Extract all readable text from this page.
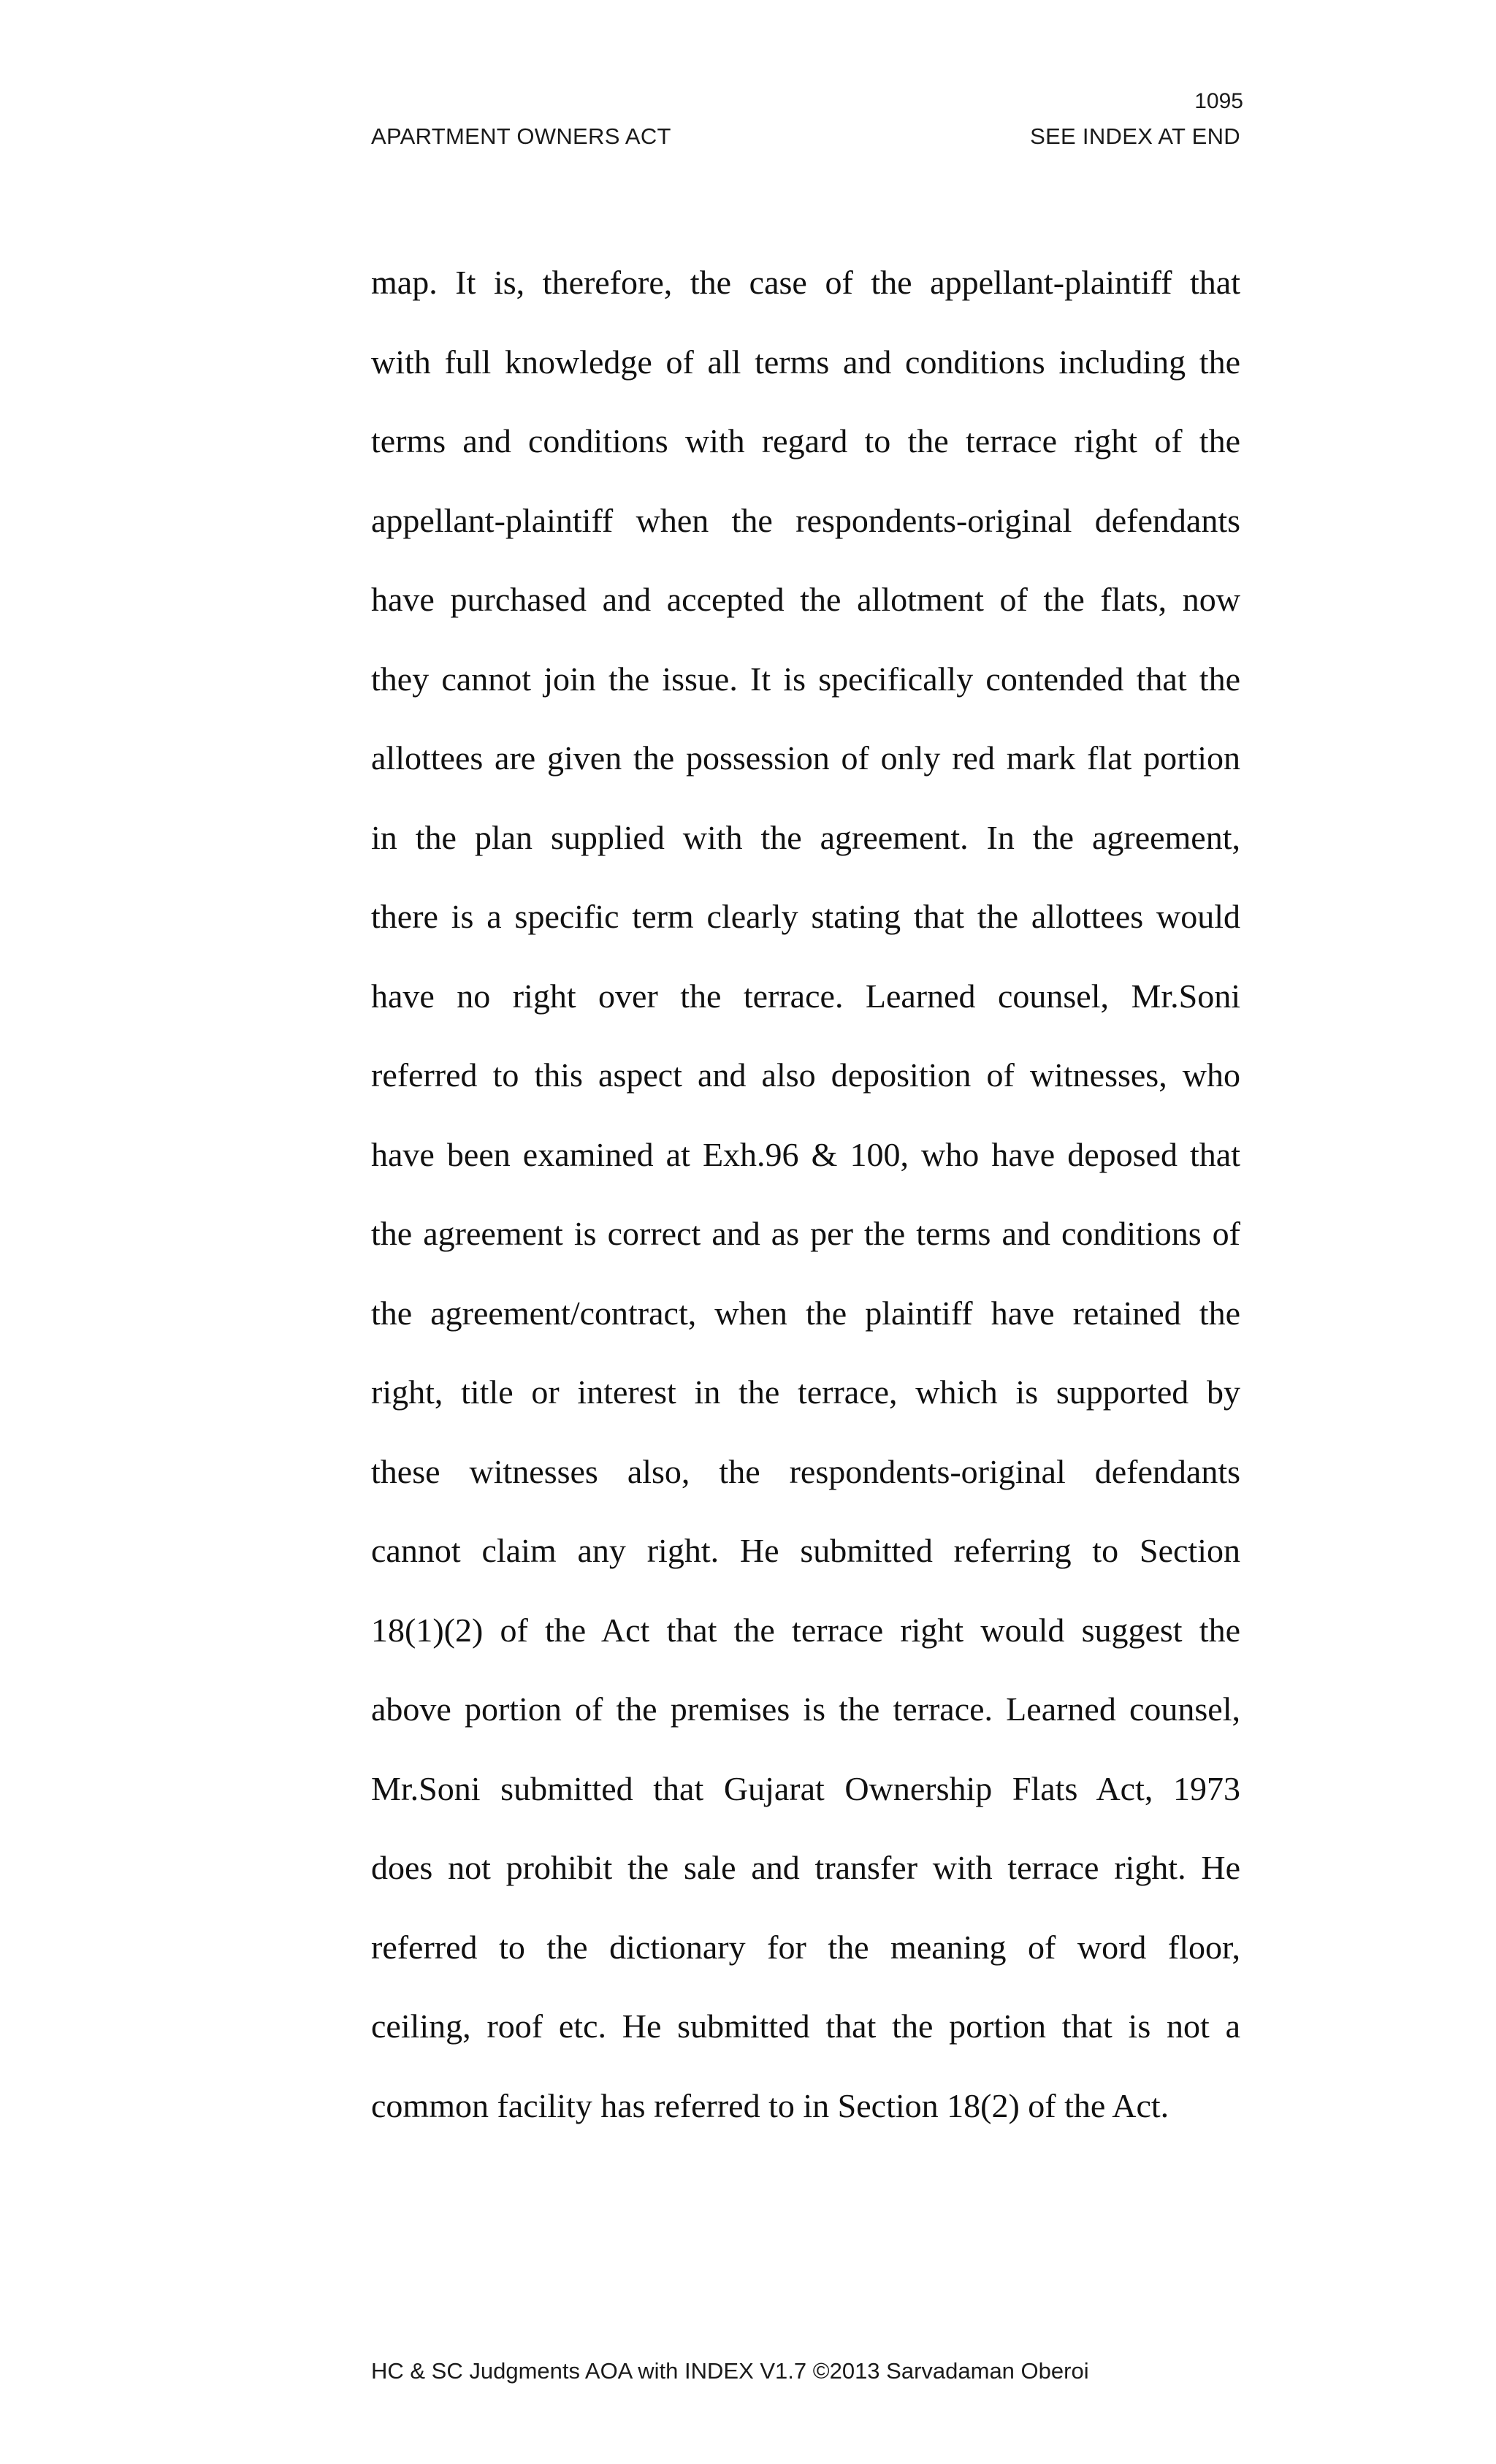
1095
APARTMENT OWNERS ACT	SEE INDEX AT END
map. It is, therefore, the case of the appellant-plaintiff that
with full knowledge of all terms and conditions including the
terms and conditions with regard to the terrace right of the
appellant-plaintiff when the respondents-original defendants
have purchased and accepted the allotment of the flats, now
they cannot join the issue. It is specifically contended that the
allottees are given the possession of only red mark flat portion
in the plan supplied with the agreement. In the agreement,
there is a specific term clearly stating that the allottees would
have no right over the terrace. Learned counsel, Mr.Soni
referred to this aspect and also deposition of witnesses, who
have been examined at Exh.96 & 100, who have deposed that
the agreement is correct and as per the terms and conditions of
the agreement/contract, when the plaintiff have retained the
right, title or interest in the terrace, which is supported by
these witnesses also, the respondents-original defendants
cannot claim any right. He submitted referring to Section
18(1)(2) of the Act that the terrace right would suggest the
above portion of the premises is the terrace. Learned counsel,
Mr.Soni submitted that Gujarat Ownership Flats Act, 1973
does not prohibit the sale and transfer with terrace right. He
referred to the dictionary for the meaning of word floor,
ceiling, roof etc. He submitted that the portion that is not a
common facility has referred to in Section 18(2) of the Act.
HC & SC Judgments AOA with INDEX V1.7 ©2013 Sarvadaman Oberoi
